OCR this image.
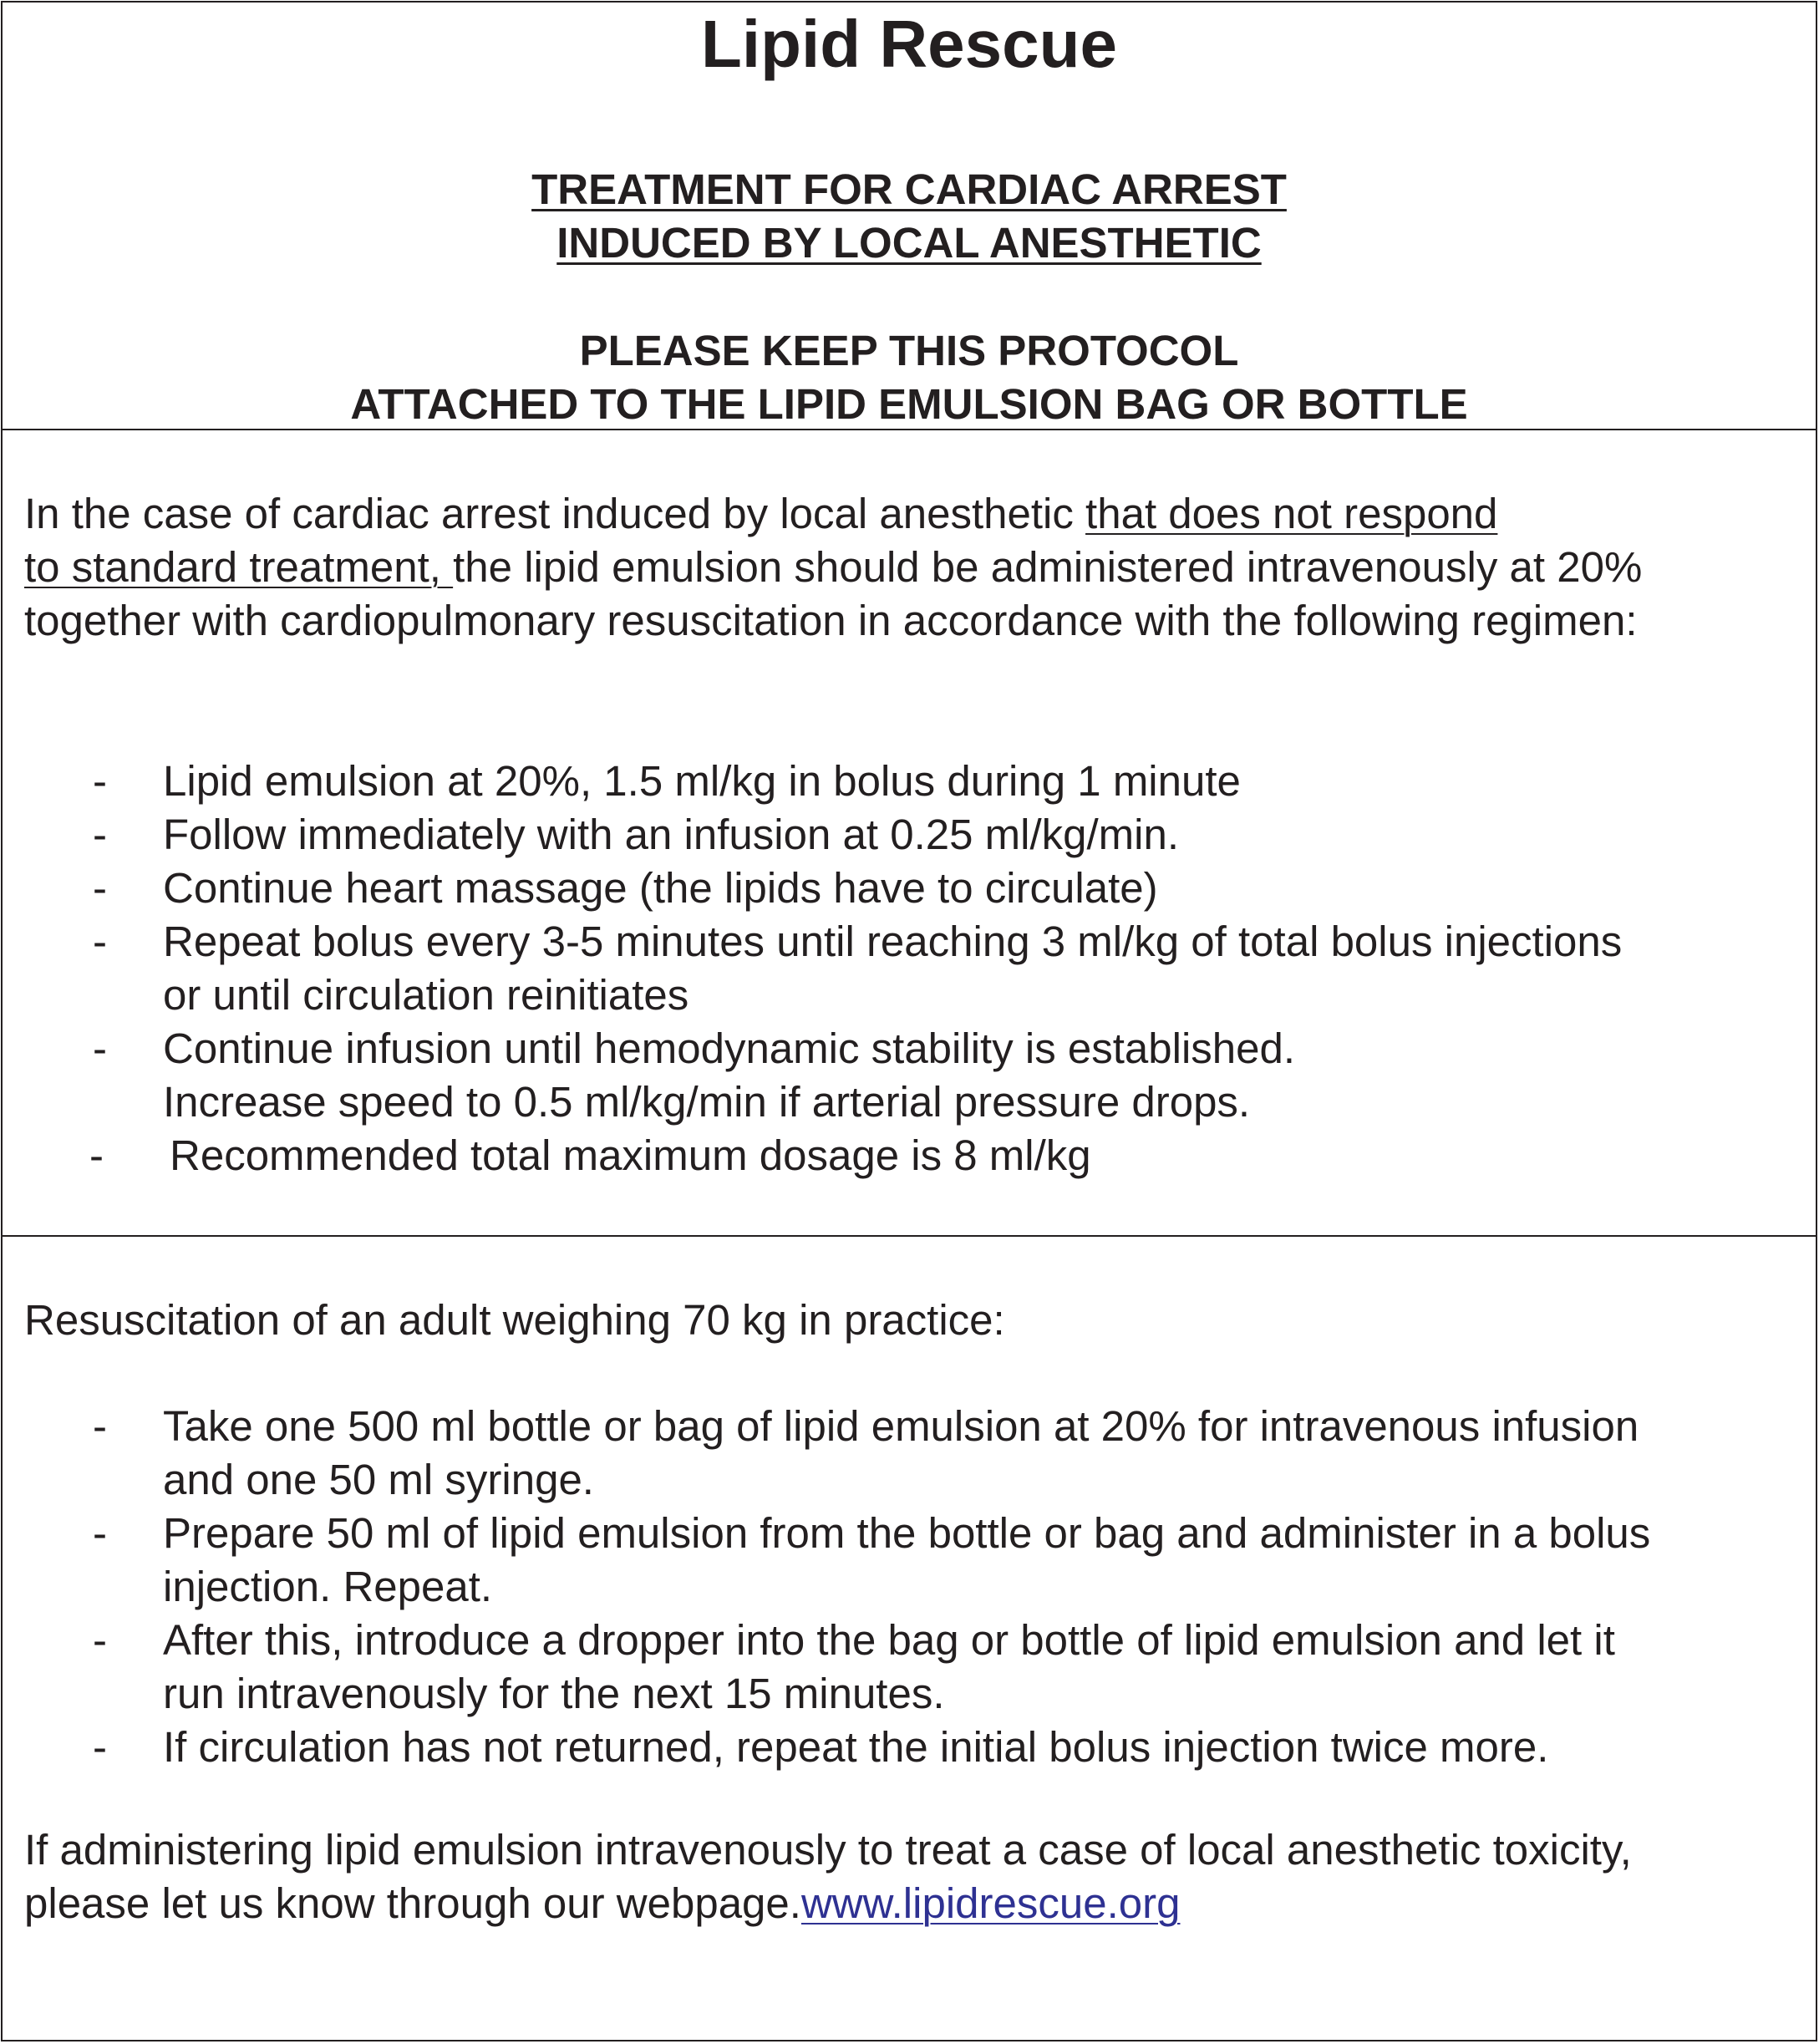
Lipid Rescue
TREATMENT FOR CARDIAC ARREST
INDUCED BY LOCAL ANESTHETIC
PLEASE KEEP THIS PROTOCOL
ATTACHED TO THE LIPID EMULSION BAG OR BOTTLE
In the case of cardiac arrest induced by local anesthetic that does not respond
to standard treatment, the lipid emulsion should be administered intravenously at 20% together with cardiopulmonary resuscitation in accordance with the following regimen:
- Lipid emulsion at 20%, 1.5 ml/kg in bolus during 1 minute
- Follow immediately with an infusion at 0.25 ml/kg/min.
- Continue heart massage (the lipids have to circulate)
- Repeat bolus every 3-5 minutes until reaching 3 ml/kg of total bolus injections
or until circulation reinitiates
- Continue infusion until hemodynamic stability is established.
Increase speed to 0.5 ml/kg/min if arterial pressure drops.
- Recommended total maximum dosage is 8 ml/kg
Resuscitation of an adult weighing 70 kg in practice:
- Take one 500 ml bottle or bag of lipid emulsion at 20% for intravenous infusion
and one 50 ml syringe.
- Prepare 50 ml of lipid emulsion from the bottle or bag and administer in a bolus
injection. Repeat.
- After this, introduce a dropper into the bag or bottle of lipid emulsion and let it
run intravenously for the next 15 minutes.
- If circulation has not returned, repeat the initial bolus injection twice more.
If administering lipid emulsion intravenously to treat a case of local anesthetic toxicity,
please let us know through our webpage.www.lipidrescue.org
